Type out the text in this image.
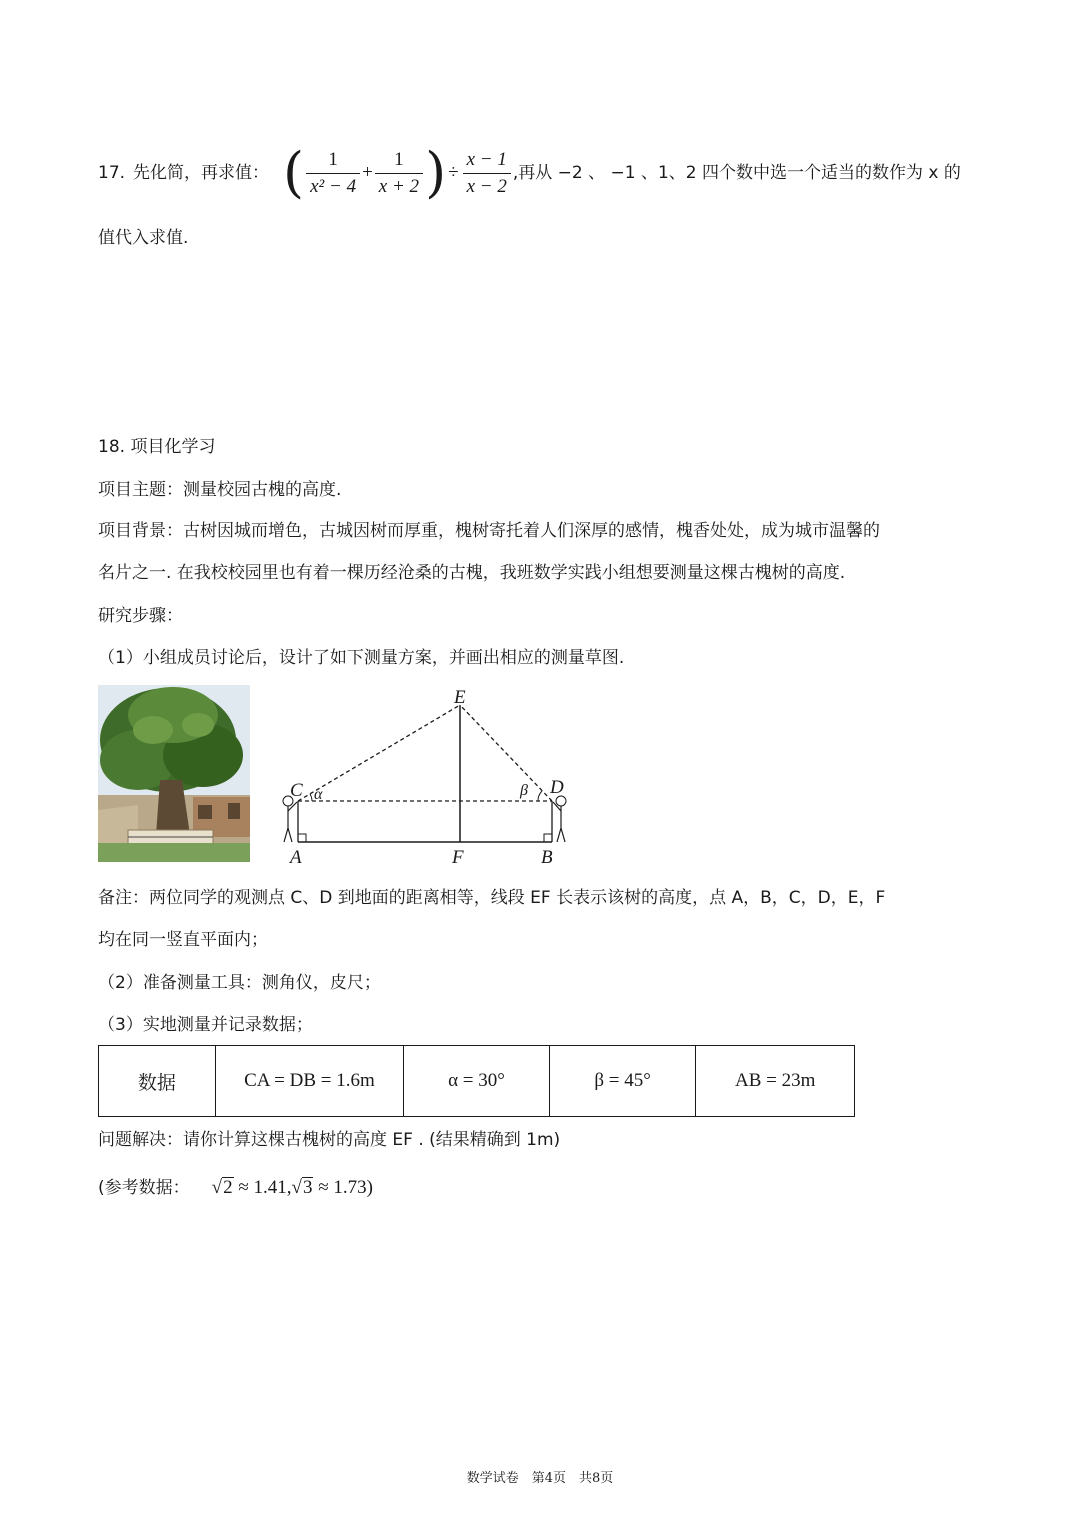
17. 先化简，再求值： ( $\frac{1}{\text{x² − 4}} + \frac{1}{x + 2}$ ) ÷ $\frac{x - 1}{x - 2}$ ,再从 −2 、 −1 、1、2 四个数中选一个适当的数作为 x 的
值代入求值.
18. 项目化学习
项目主题：测量校园古槐的高度.
项目背景：古树因城而增色，古城因树而厚重，槐树寄托着人们深厚的感情，槐香处处，成为城市温馨的
名片之一. 在我校校园里也有着一棵历经沧桑的古槐，我班数学实践小组想要测量这棵古槐树的高度.
研究步骤：
（1）小组成员讨论后，设计了如下测量方案，并画出相应的测量草图.
E
C	D
A	F	B
α	β
备注：两位同学的观测点 C、D 到地面的距离相等，线段 EF 长表示该树的高度，点 A，B，C，D，E，F
均在同一竖直平面内；
（2）准备测量工具：测角仪，皮尺；
（3）实地测量并记录数据；
数据	CA = DB = 1.6m	α = 30°	β = 45°	AB = 23m
问题解决：请你计算这棵古槐树的高度 EF . (结果精确到 1m)
(参考数据： √2 ≈ 1.41,√3 ≈ 1.73)
数学试卷　第4页　共8页
